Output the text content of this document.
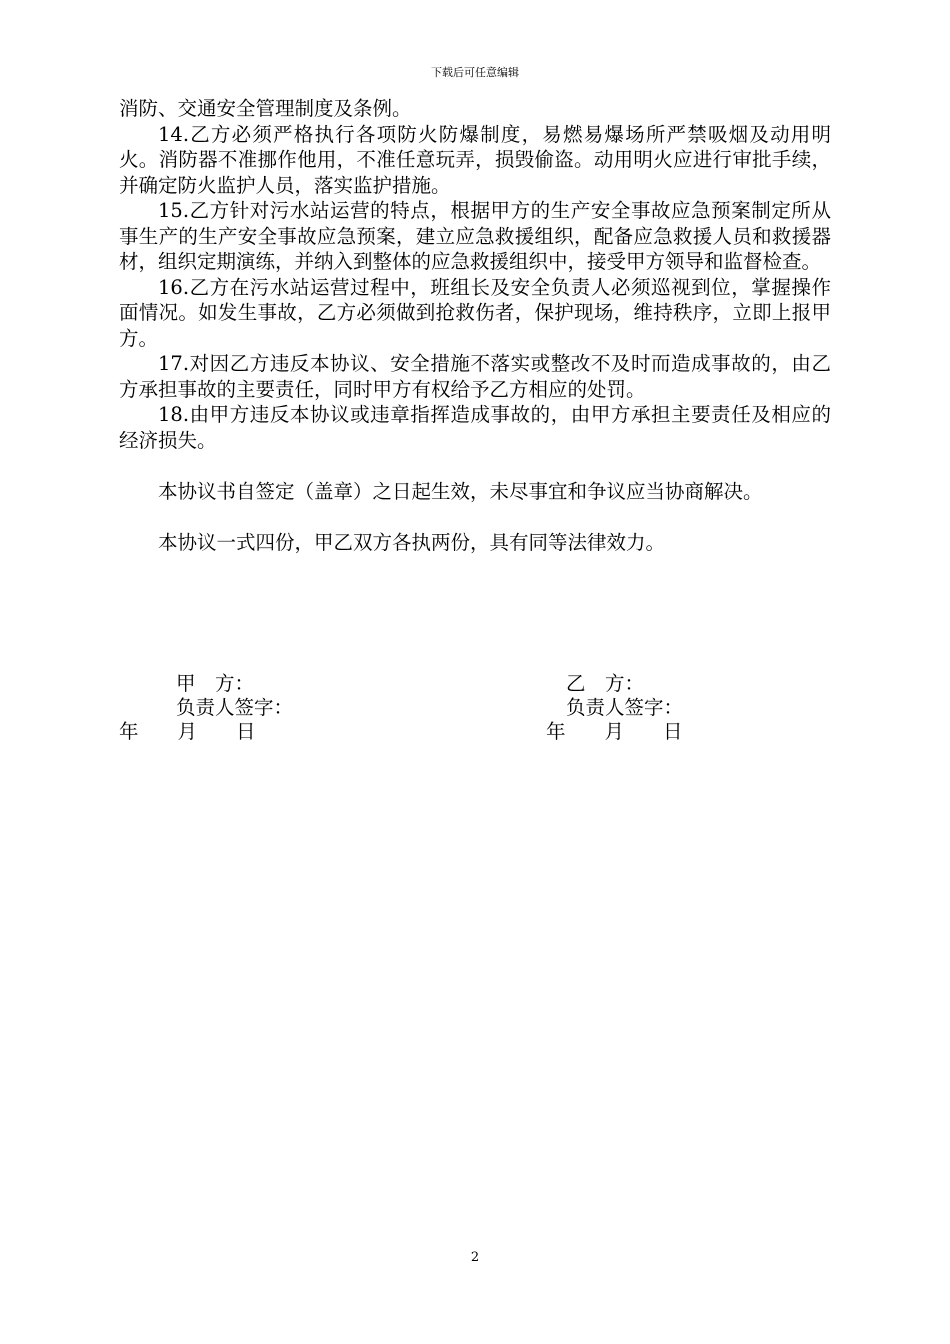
下载后可任意编辑

消防、交通安全管理制度及条例。

14.乙方必须严格执行各项防火防爆制度，易燃易爆场所严禁吸烟及动用明火。消防器不准挪作他用，不准任意玩弄，损毁偷盗。动用明火应进行审批手续，并确定防火监护人员，落实监护措施。

15.乙方针对污水站运营的特点，根据甲方的生产安全事故应急预案制定所从事生产的生产安全事故应急预案，建立应急救援组织，配备应急救援人员和救援器材，组织定期演练，并纳入到整体的应急救援组织中，接受甲方领导和监督检查。

16.乙方在污水站运营过程中，班组长及安全负责人必须巡视到位，掌握操作面情况。如发生事故，乙方必须做到抢救伤者，保护现场，维持秩序，立即上报甲方。

17.对因乙方违反本协议、安全措施不落实或整改不及时而造成事故的，由乙方承担事故的主要责任，同时甲方有权给予乙方相应的处罚。

18.由甲方违反本协议或违章指挥造成事故的，由甲方承担主要责任及相应的经济损失。

本协议书自签定（盖章）之日起生效，未尽事宜和争议应当协商解决。

本协议一式四份，甲乙双方各执两份，具有同等法律效力。

甲　方：
负责人签字：
年　　月　　日
乙　方：
负责人签字：
年　　月　　日
2
